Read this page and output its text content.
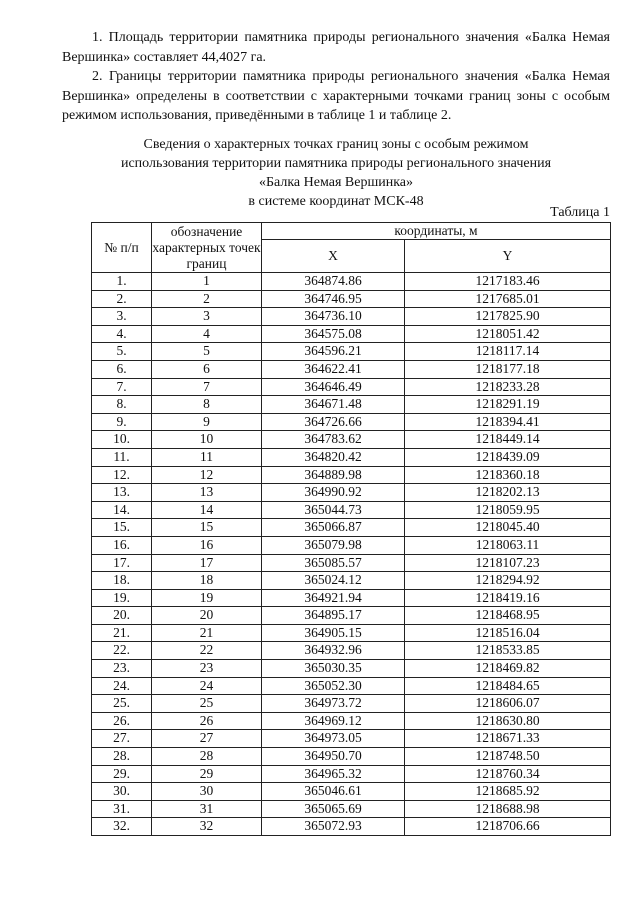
1. Площадь территории памятника природы регионального значения «Балка Немая Вершинка» составляет 44,4027 га.

2. Границы территории памятника природы регионального значения «Балка Немая Вершинка» определены в соответствии с характерными точками границ зоны с особым режимом использования, приведёнными в таблице 1 и таблице 2.

Сведения о характерных точках границ зоны с особым режимом
использования территории памятника природы регионального значения
«Балка Немая Вершинка»
в системе координат МСК-48
Таблица 1
№ п/п	обозначение характерных точек границ	координаты, м	
		X	Y
1.	1	364874.86	1217183.46
2.	2	364746.95	1217685.01
3.	3	364736.10	1217825.90
4.	4	364575.08	1218051.42
5.	5	364596.21	1218117.14
6.	6	364622.41	1218177.18
7.	7	364646.49	1218233.28
8.	8	364671.48	1218291.19
9.	9	364726.66	1218394.41
10.	10	364783.62	1218449.14
11.	11	364820.42	1218439.09
12.	12	364889.98	1218360.18
13.	13	364990.92	1218202.13
14.	14	365044.73	1218059.95
15.	15	365066.87	1218045.40
16.	16	365079.98	1218063.11
17.	17	365085.57	1218107.23
18.	18	365024.12	1218294.92
19.	19	364921.94	1218419.16
20.	20	364895.17	1218468.95
21.	21	364905.15	1218516.04
22.	22	364932.96	1218533.85
23.	23	365030.35	1218469.82
24.	24	365052.30	1218484.65
25.	25	364973.72	1218606.07
26.	26	364969.12	1218630.80
27.	27	364973.05	1218671.33
28.	28	364950.70	1218748.50
29.	29	364965.32	1218760.34
30.	30	365046.61	1218685.92
31.	31	365065.69	1218688.98
32.	32	365072.93	1218706.66
